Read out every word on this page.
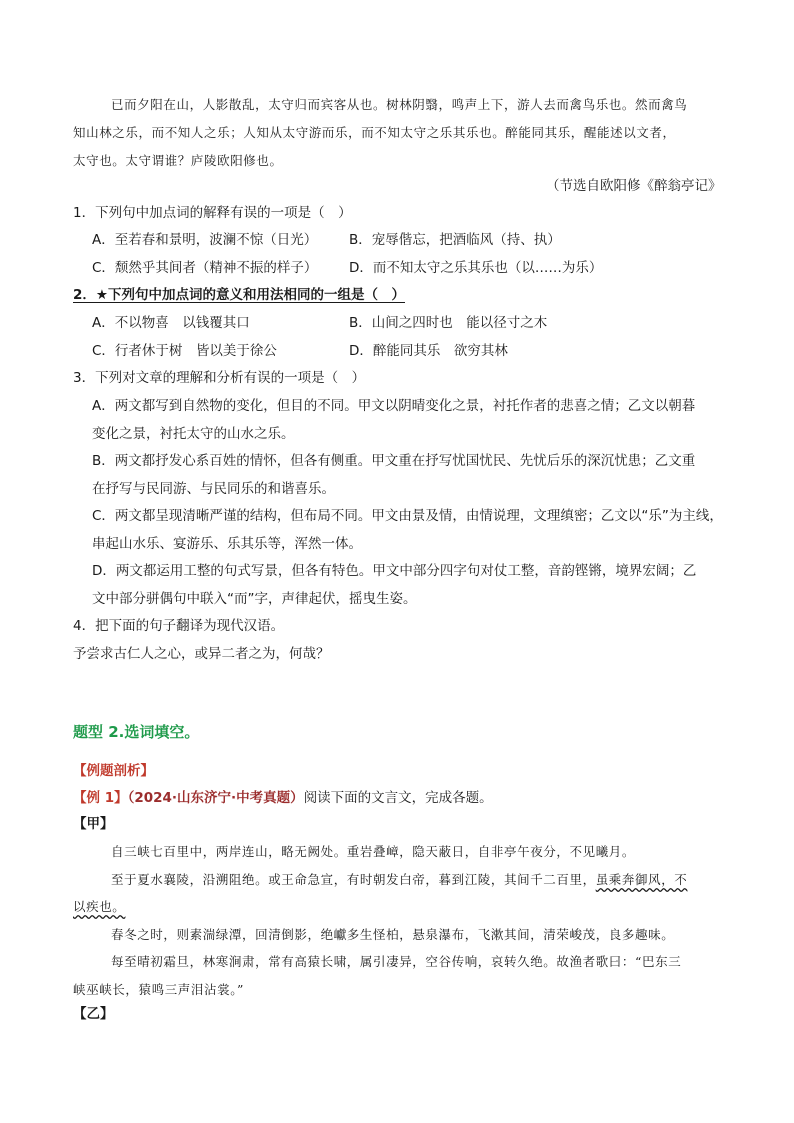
已而夕阳在山，人影散乱，太守归而宾客从也。树林阴翳，鸣声上下，游人去而禽鸟乐也。然而禽鸟
知山林之乐，而不知人之乐；人知从太守游而乐，而不知太守之乐其乐也。醉能同其乐，醒能述以文者，
太守也。太守谓谁？庐陵欧阳修也。
（节选自欧阳修《醉翁亭记》
1．下列句中加点词的解释有误的一项是（　）
A．至若春和景明，波澜不惊（日光） B．宠辱偕忘，把酒临风（持、执）
C．颓然乎其间者（精神不振的样子） D．而不知太守之乐其乐也（以……为乐）
2．★下列句中加点词的意义和用法相同的一组是（　）
A．不以物喜　以钱覆其口	B．山间之四时也　能以径寸之木
C．行者休于树　皆以美于徐公	D．醉能同其乐　欲穷其林
3．下列对文章的理解和分析有误的一项是（　）
A．两文都写到自然物的变化，但目的不同。甲文以阴晴变化之景，衬托作者的悲喜之情；乙文以朝暮
变化之景，衬托太守的山水之乐。
B．两文都抒发心系百姓的情怀，但各有侧重。甲文重在抒写忧国忧民、先忧后乐的深沉忧患；乙文重
在抒写与民同游、与民同乐的和谐喜乐。
C．两文都呈现清晰严谨的结构，但布局不同。甲文由景及情，由情说理，文理缜密；乙文以“乐”为主线，
串起山水乐、宴游乐、乐其乐等，浑然一体。
D．两文都运用工整的句式写景，但各有特色。甲文中部分四字句对仗工整，音韵铿锵，境界宏阔；乙
文中部分骈偶句中联入“而”字，声律起伏，摇曳生姿。
4．把下面的句子翻译为现代汉语。
予尝求古仁人之心，或异二者之为，何哉？
题型 2.选词填空。
【例题剖析】
【例 1】（2024·山东济宁·中考真题）阅读下面的文言文，完成各题。
【甲】
自三峡七百里中，两岸连山，略无阙处。重岩叠嶂，隐天蔽日，自非亭午夜分，不见曦月。
至于夏水襄陵，沿溯阻绝。或王命急宣，有时朝发白帝，暮到江陵，其间千二百里，虽乘奔御风，不
以疾也。
春冬之时，则素湍绿潭，回清倒影，绝巘多生怪柏，悬泉瀑布，飞漱其间，清荣峻茂，良多趣味。
每至晴初霜旦，林寒涧肃，常有高猿长啸，属引凄异，空谷传响，哀转久绝。故渔者歌曰：“巴东三
峡巫峡长，猿鸣三声泪沾裳。”
【乙】
